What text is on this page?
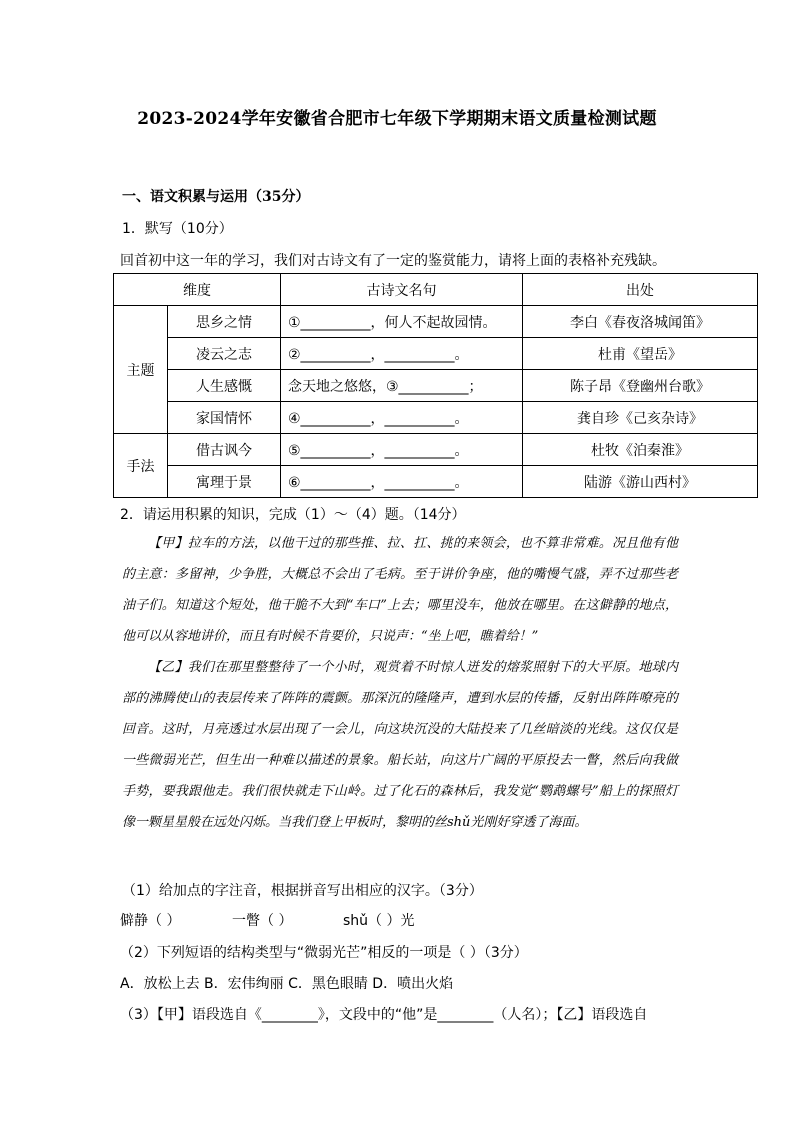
2023-2024学年安徽省合肥市七年级下学期期末语文质量检测试题
一、语文积累与运用（35分）
1．默写（10分）
回首初中这一年的学习，我们对古诗文有了一定的鉴赏能力，请将上面的表格补充残缺。
维度		古诗文名句	出处
主题	思乡之情	①__________，何人不起故园情。	李白《春夜洛城闻笛》
	凌云之志	②__________，__________。	杜甫《望岳》
	人生感慨	念天地之悠悠，③__________；	陈子昂《登幽州台歌》
	家国情怀	④__________，__________。	龚自珍《己亥杂诗》
手法	借古讽今	⑤__________，__________。	杜牧《泊秦淮》
	寓理于景	⑥__________，__________。	陆游《游山西村》
2．请运用积累的知识，完成（1）～（4）题。（14分）

【甲】拉车的方法，以他干过的那些推、拉、扛、挑的来领会，也不算非常难。况且他有他的主意：多留神，少争胜，大概总不会出了毛病。至于讲价争座，他的嘴慢气盛，弄不过那些老油子们。知道这个短处，他干脆不大到“车口”上去；哪里没车，他放在哪里。在这僻静的地点，他可以从容地讲价，而且有时候不肯要价，只说声：“坐上吧，瞧着给！”

【乙】我们在那里整整待了一个小时，观赏着不时惊人迸发的熔浆照射下的大平原。地球内部的沸腾使山的表层传来了阵阵的震颤。那深沉的隆隆声，遭到水层的传播，反射出阵阵嘹亮的回音。这时，月亮透过水层出现了一会儿，向这块沉没的大陆投来了几丝暗淡的光线。这仅仅是一些微弱光芒，但生出一种难以描述的景象。船长站，向这片广阔的平原投去一瞥，然后向我做手势，要我跟他走。我们很快就走下山岭。过了化石的森林后，我发觉“鹦鹉螺号”船上的探照灯像一颗星星般在远处闪烁。当我们登上甲板时，黎明的丝shǔ光刚好穿透了海面。

（1）给加点的字注音，根据拼音写出相应的汉字。（3分）
僻静（ ）	一瞥（ ）	shǔ（ ）光
（2）下列短语的结构类型与“微弱光芒”相反的一项是（ ）（3分）
A．放松上去 B．宏伟绚丽 C．黑色眼睛 D．喷出火焰
（3）【甲】语段选自《________》，文段中的“他”是________（人名）；【乙】语段选自
